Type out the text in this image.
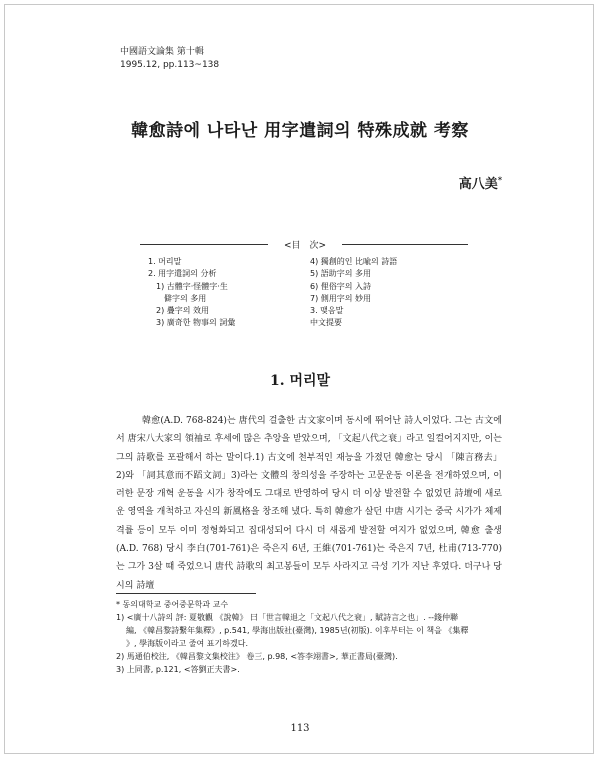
中國語文論集 第十輯
1995.12, pp.113~138
韓愈詩에 나타난 用字遣詞의 特殊成就 考察
高八美*
<目　次>
1. 머리말
2. 用字遣詞의 分析
　1) 古體字·怪體字·生
　　僻字의 多用
　2) 疊字의 效用
　3) 廣奇한 物事의 詞彙
4) 獨創的인 比喩의 詩語
5) 語助字의 多用
6) 俚俗字의 入詩
7) 側用字의 妙用
3. 맺음말
中文提要
1. 머리말

韓愈(A.D. 768-824)는 唐代의 걸출한 古文家이며 동시에 뛰어난 詩人이었다. 그는 古文에서 唐宋八大家의 領袖로 후세에 많은 추앙을 받았으며, 「文起八代之衰」라고 일컬어지지만, 이는 그의 詩歌를 포괄해서 하는 말이다.1) 古文에 천부적인 재능을 가졌던 韓愈는 당시 「陳言務去」2)와 「詞其意而不蹈文詞」3)라는 文體의 창의성을 주장하는 고문운동 이론을 전개하였으며, 이러한 문장 개혁 운동을 시가 창작에도 그대로 반영하여 당시 더 이상 발전할 수 없었던 詩壇에 새로운 영역을 개척하고 자신의 新風格을 창조해 냈다. 특히 韓愈가 살던 中唐 시기는 중국 시가가 체제 격률 등이 모두 이미 정형화되고 집대성되어 다시 더 새롭게 발전할 여지가 없었으며, 韓愈 출생(A.D. 768) 당시 李白(701-761)은 죽은지 6년, 王維(701-761)는 죽은지 7년, 杜甫(713-770)는 그가 3살 때 죽었으니 唐代 詩歌의 최고봉들이 모두 사라지고 극성 기가 지난 후였다. 더구나 당시의 詩壇

* 동의대학교 중어중문학과 교수
1) <廣十八詩의 評: 夏敬觀 《說韓》 曰「世言韓退之「文起八代之衰」, 賦詩言之也」. --錢仲聯
編, 《韓昌黎詩繫年集釋》, p.541, 學海出版社(臺灣), 1985년(初版). 이후부터는 이 책을 《集釋
》, 學海版이라고 줄여 표기하겠다.
2) 馬通伯校注, 《韓昌黎文集校注》 卷三, p.98, <答李翊書>, 華正書局(臺灣).
3) 上同書, p.121, <答劉正夫書>.
113
